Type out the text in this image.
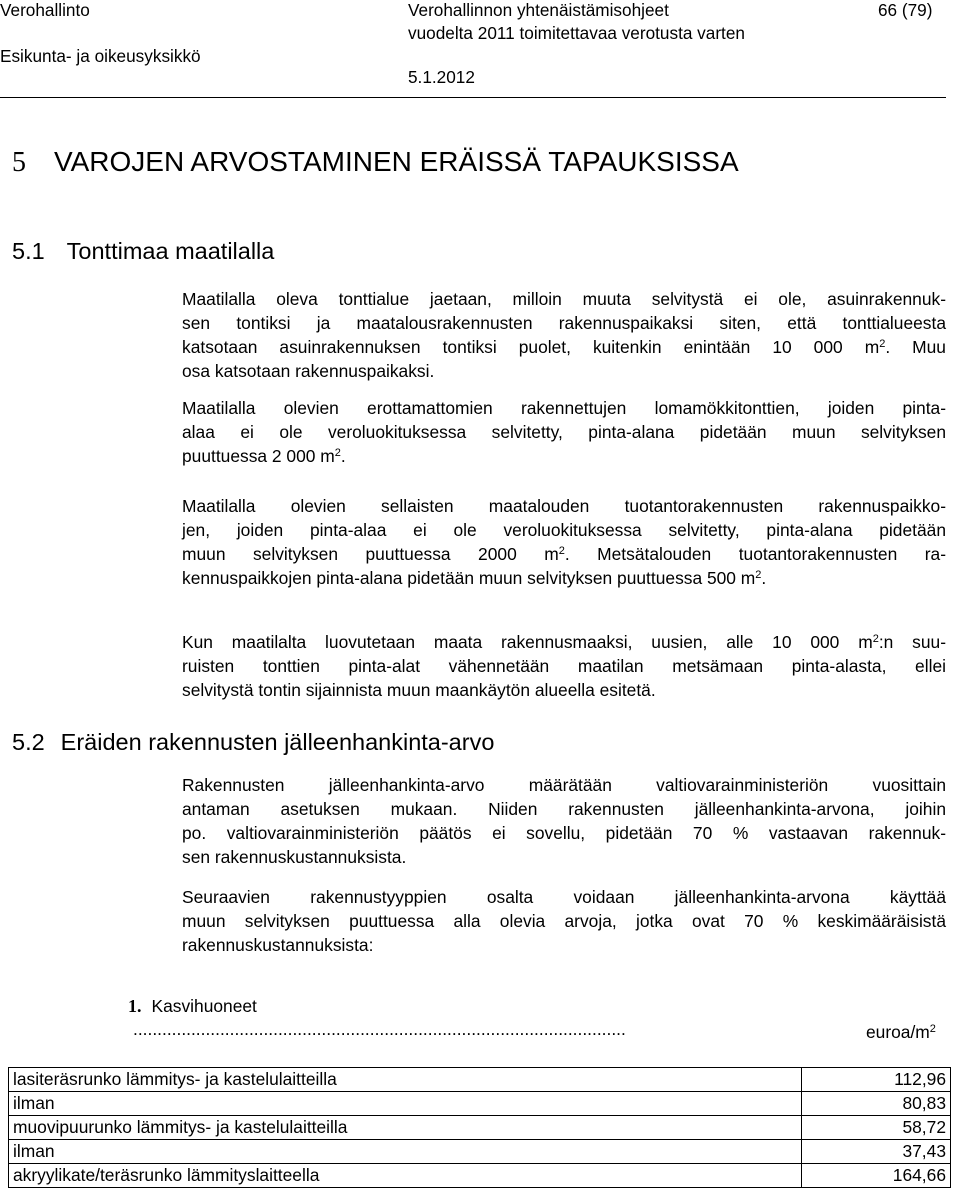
Verohallinto
Esikunta- ja oikeusyksikkö
Verohallinnon yhtenäistämisohjeet
vuodelta 2011 toimitettavaa verotusta varten
5.1.2012
66 (79)
5 VAROJEN ARVOSTAMINEN ERÄISSÄ TAPAUKSISSA
5.1 Tonttimaa maatilalla
Maatilalla oleva tonttialue jaetaan, milloin muuta selvitystä ei ole, asuinrakennuk-
sen tontiksi ja maatalousrakennusten rakennuspaikaksi siten, että tonttialueesta
katsotaan asuinrakennuksen tontiksi puolet, kuitenkin enintään 10 000 $m^2$. Muu
osa katsotaan rakennuspaikaksi.
Maatilalla olevien erottamattomien rakennettujen lomamökkitonttien, joiden pinta-
alaa ei ole veroluokituksessa selvitetty, pinta-alana pidetään muun selvityksen
puuttuessa 2 000 $m^2$.
Maatilalla olevien sellaisten maatalouden tuotantorakennusten rakennuspaikko-
jen, joiden pinta-alaa ei ole veroluokituksessa selvitetty, pinta-alana pidetään
muun selvityksen puuttuessa 2000 $m^2$. Metsätalouden tuotantorakennusten ra-
kennuspaikkojen pinta-alana pidetään muun selvityksen puuttuessa 500 $m^2$.
Kun maatilalta luovutetaan maata rakennusmaaksi, uusien, alle 10 000 $m^2:n$ suu-
ruisten tonttien pinta-alat vähennetään maatilan metsämaan pinta-alasta, ellei
selvitystä tontin sijainnista muun maankäytön alueella esitetä.
5.2 Eräiden rakennusten jälleenhankinta-arvo
Rakennusten jälleenhankinta-arvo määrätään valtiovarainministeriön vuosittain
antaman asetuksen mukaan. Niiden rakennusten jälleenhankinta-arvona, joihin
po. valtiovarainministeriön päätös ei sovellu, pidetään 70 % vastaavan rakennuk-
sen rakennuskustannuksista.
Seuraavien rakennustyyppien osalta voidaan jälleenhankinta-arvona käyttää
muun selvityksen puuttuessa alla olevia arvoja, jotka ovat 70 % keskimääräisistä
rakennuskustannuksista:
1. Kasvihuoneet
......................................................................................................	euroa/$m^2$
lasiteräsrunko lämmitys- ja kastelulaitteilla	112,96
ilman	80,83
muovipuurunko lämmitys- ja kastelulaitteilla	58,72
ilman	37,43
akryylikate/teräsrunko lämmityslaitteella	164,66
